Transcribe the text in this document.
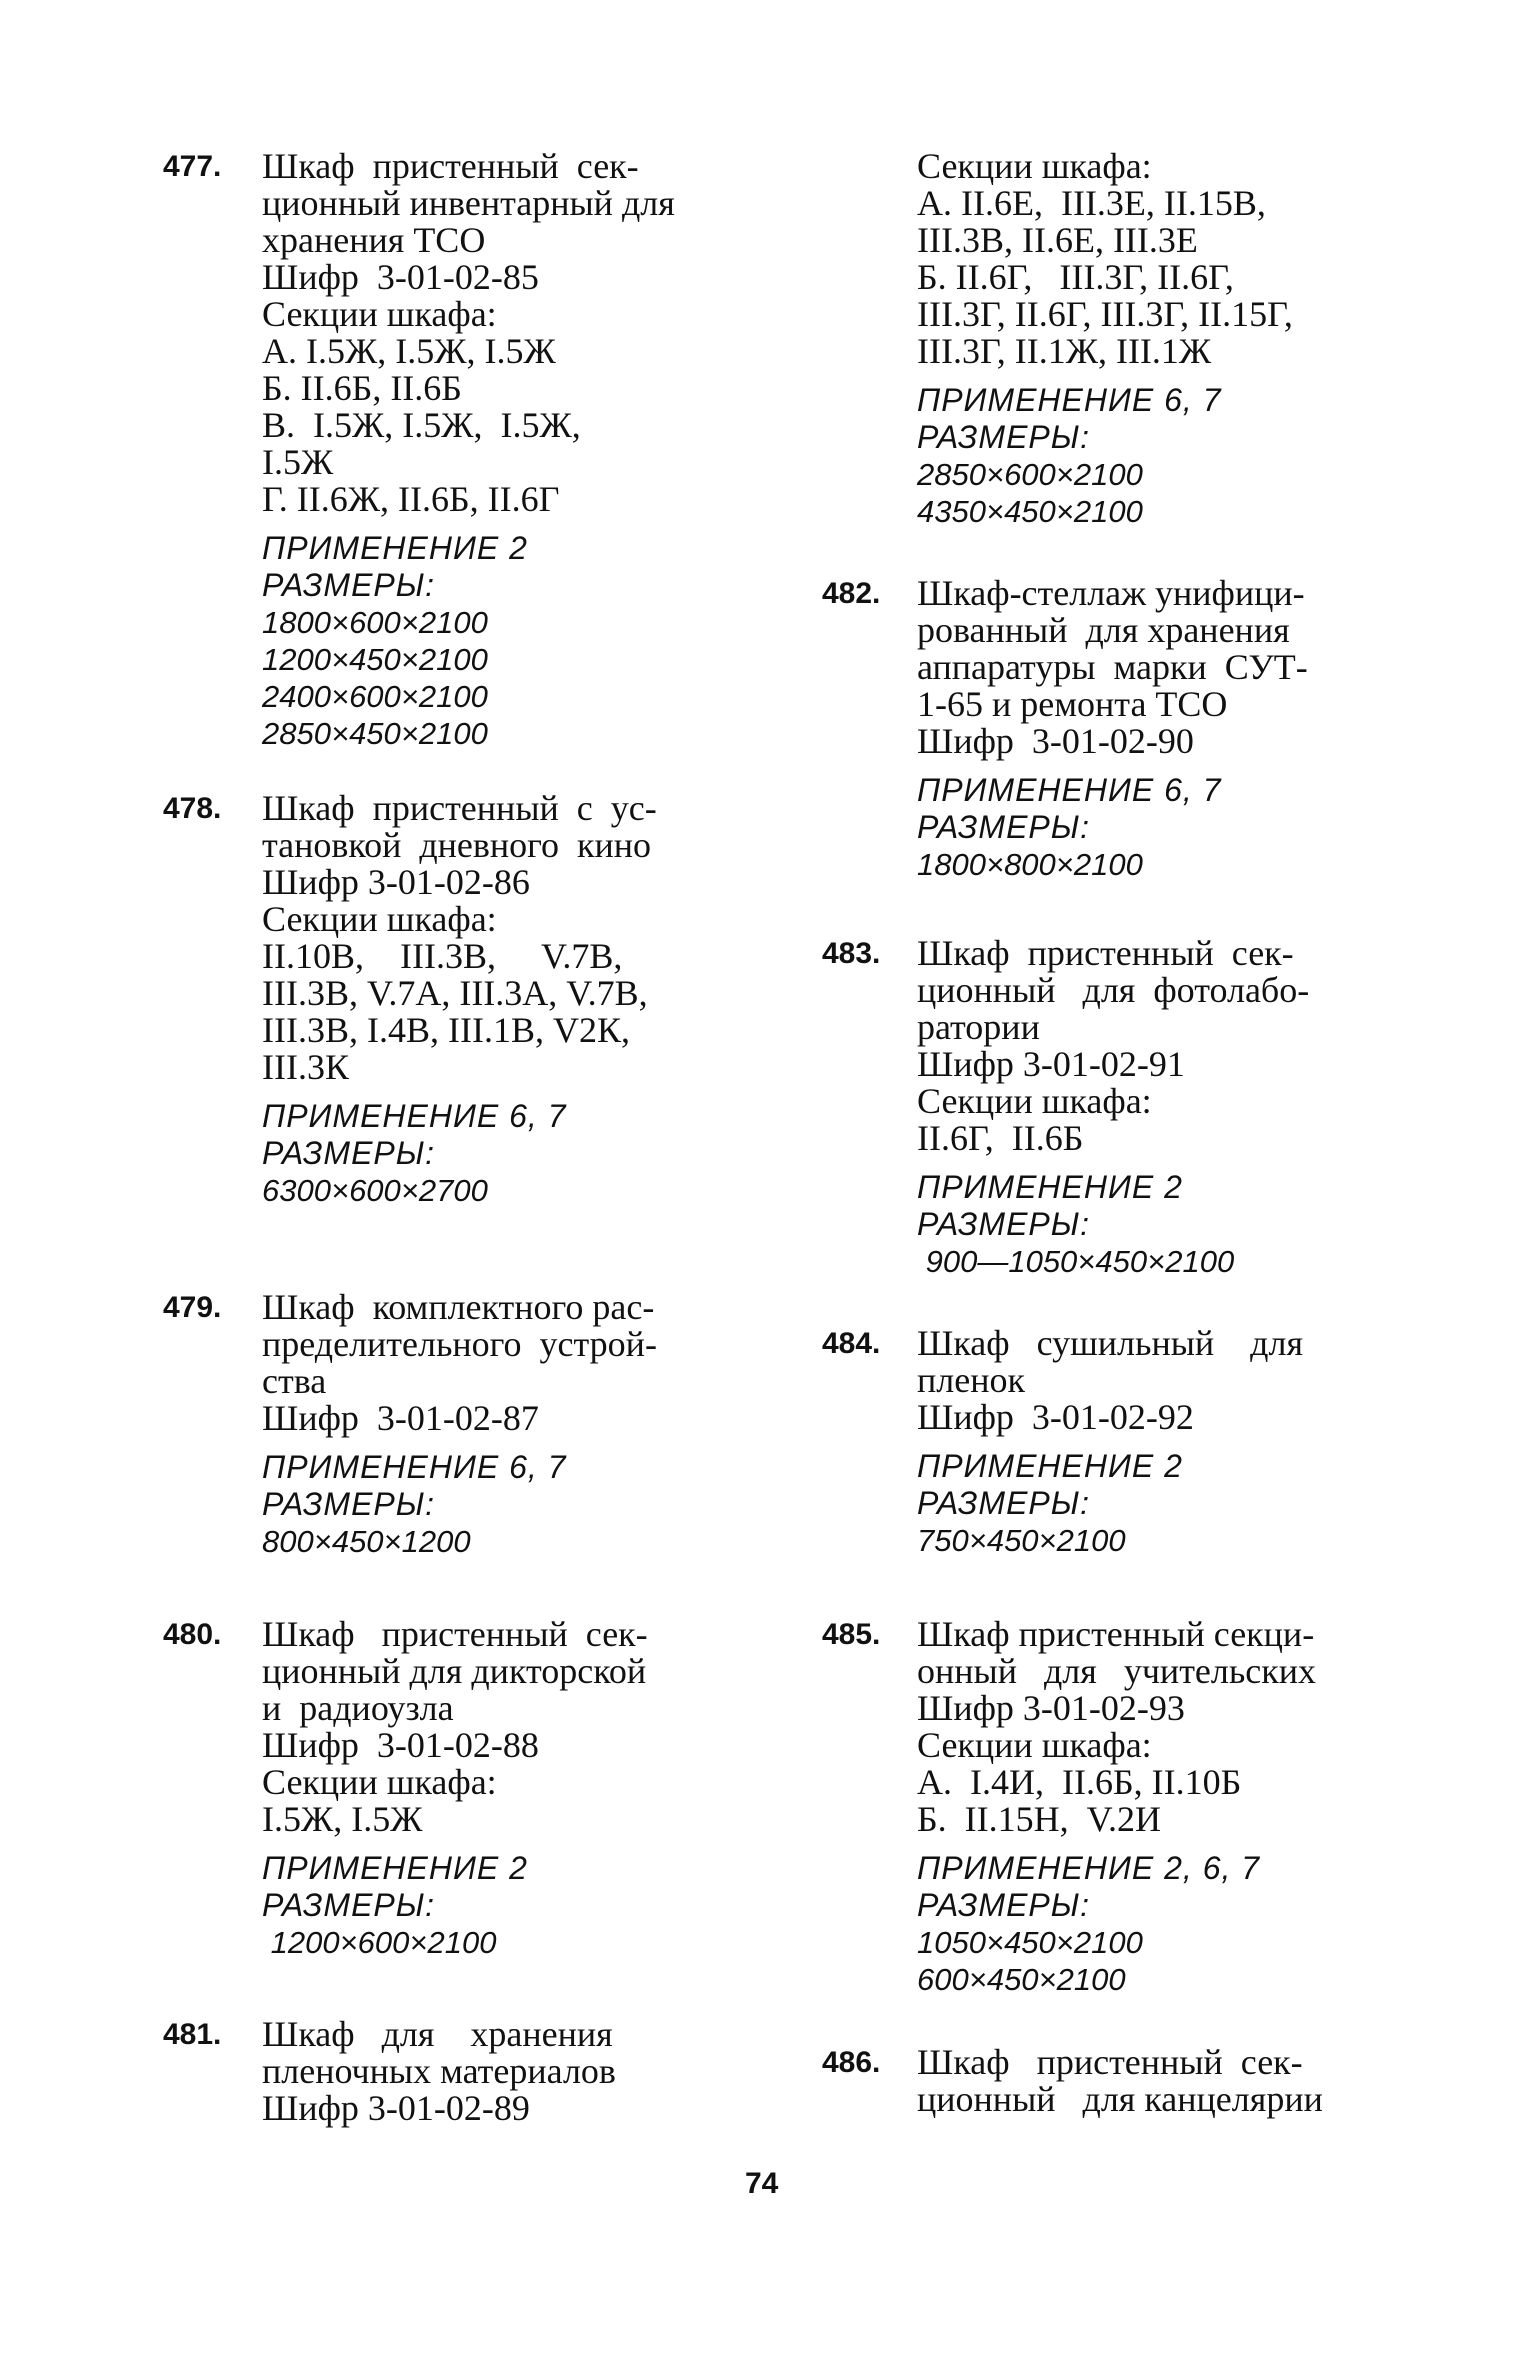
477. Шкаф  пристенный  сек-

ционный инвентарный для

хранения ТСО

Шифр  3-01-02-85

Секции шкафа:

А. I.5Ж, I.5Ж, I.5Ж

Б. II.6Б, II.6Б

В.  I.5Ж, I.5Ж,  I.5Ж,

I.5Ж

Г. II.6Ж, II.6Б, II.6Г

ПРИМЕНЕНИЕ 2

РАЗМЕРЫ:

1800×600×2100

1200×450×2100

2400×600×2100

2850×450×2100

478. Шкаф  пристенный  с  ус-

тановкой  дневного  кино

Шифр 3-01-02-86

Секции шкафа:

II.10В,    III.3В,     V.7В,

III.3В, V.7А, III.3А, V.7В,

III.3В, I.4В, III.1В, V2К,

III.3К

ПРИМЕНЕНИЕ 6, 7

РАЗМЕРЫ:

6300×600×2700

479. Шкаф  комплектного рас-

пределительного  устрой-

ства

Шифр  3-01-02-87

ПРИМЕНЕНИЕ 6, 7

РАЗМЕРЫ:

800×450×1200

480. Шкаф   пристенный  сек-

ционный для дикторской

и  радиоузла

Шифр  3-01-02-88

Секции шкафа:

I.5Ж, I.5Ж

ПРИМЕНЕНИЕ 2

РАЗМЕРЫ:

1200×600×2100

481. Шкаф   для    хранения

пленочных материалов

Шифр 3-01-02-89

Секции шкафа:

А. II.6Е,  III.3Е, II.15В,

III.3В, II.6Е, III.3Е

Б. II.6Г,   III.3Г, II.6Г,

III.3Г, II.6Г, III.3Г, II.15Г,

III.3Г, II.1Ж, III.1Ж

ПРИМЕНЕНИЕ 6, 7

РАЗМЕРЫ:

2850×600×2100

4350×450×2100

482. Шкаф-стеллаж унифици-

рованный  для хранения

аппаратуры  марки  СУТ-

1-65 и ремонта ТСО

Шифр  3-01-02-90

ПРИМЕНЕНИЕ 6, 7

РАЗМЕРЫ:

1800×800×2100

483. Шкаф  пристенный  сек-

ционный   для  фотолабо-

ратории

Шифр 3-01-02-91

Секции шкафа:

II.6Г,  II.6Б

ПРИМЕНЕНИЕ 2

РАЗМЕРЫ:

900—1050×450×2100

484. Шкаф   сушильный    для

пленок

Шифр  3-01-02-92

ПРИМЕНЕНИЕ 2

РАЗМЕРЫ:

750×450×2100

485. Шкаф пристенный секци-

онный   для   учительских

Шифр 3-01-02-93

Секции шкафа:

А.  I.4И,  II.6Б, II.10Б

Б.  II.15Н,  V.2И

ПРИМЕНЕНИЕ 2, 6, 7

РАЗМЕРЫ:

1050×450×2100

600×450×2100

486. Шкаф   пристенный  сек-

ционный   для канцелярии

74
